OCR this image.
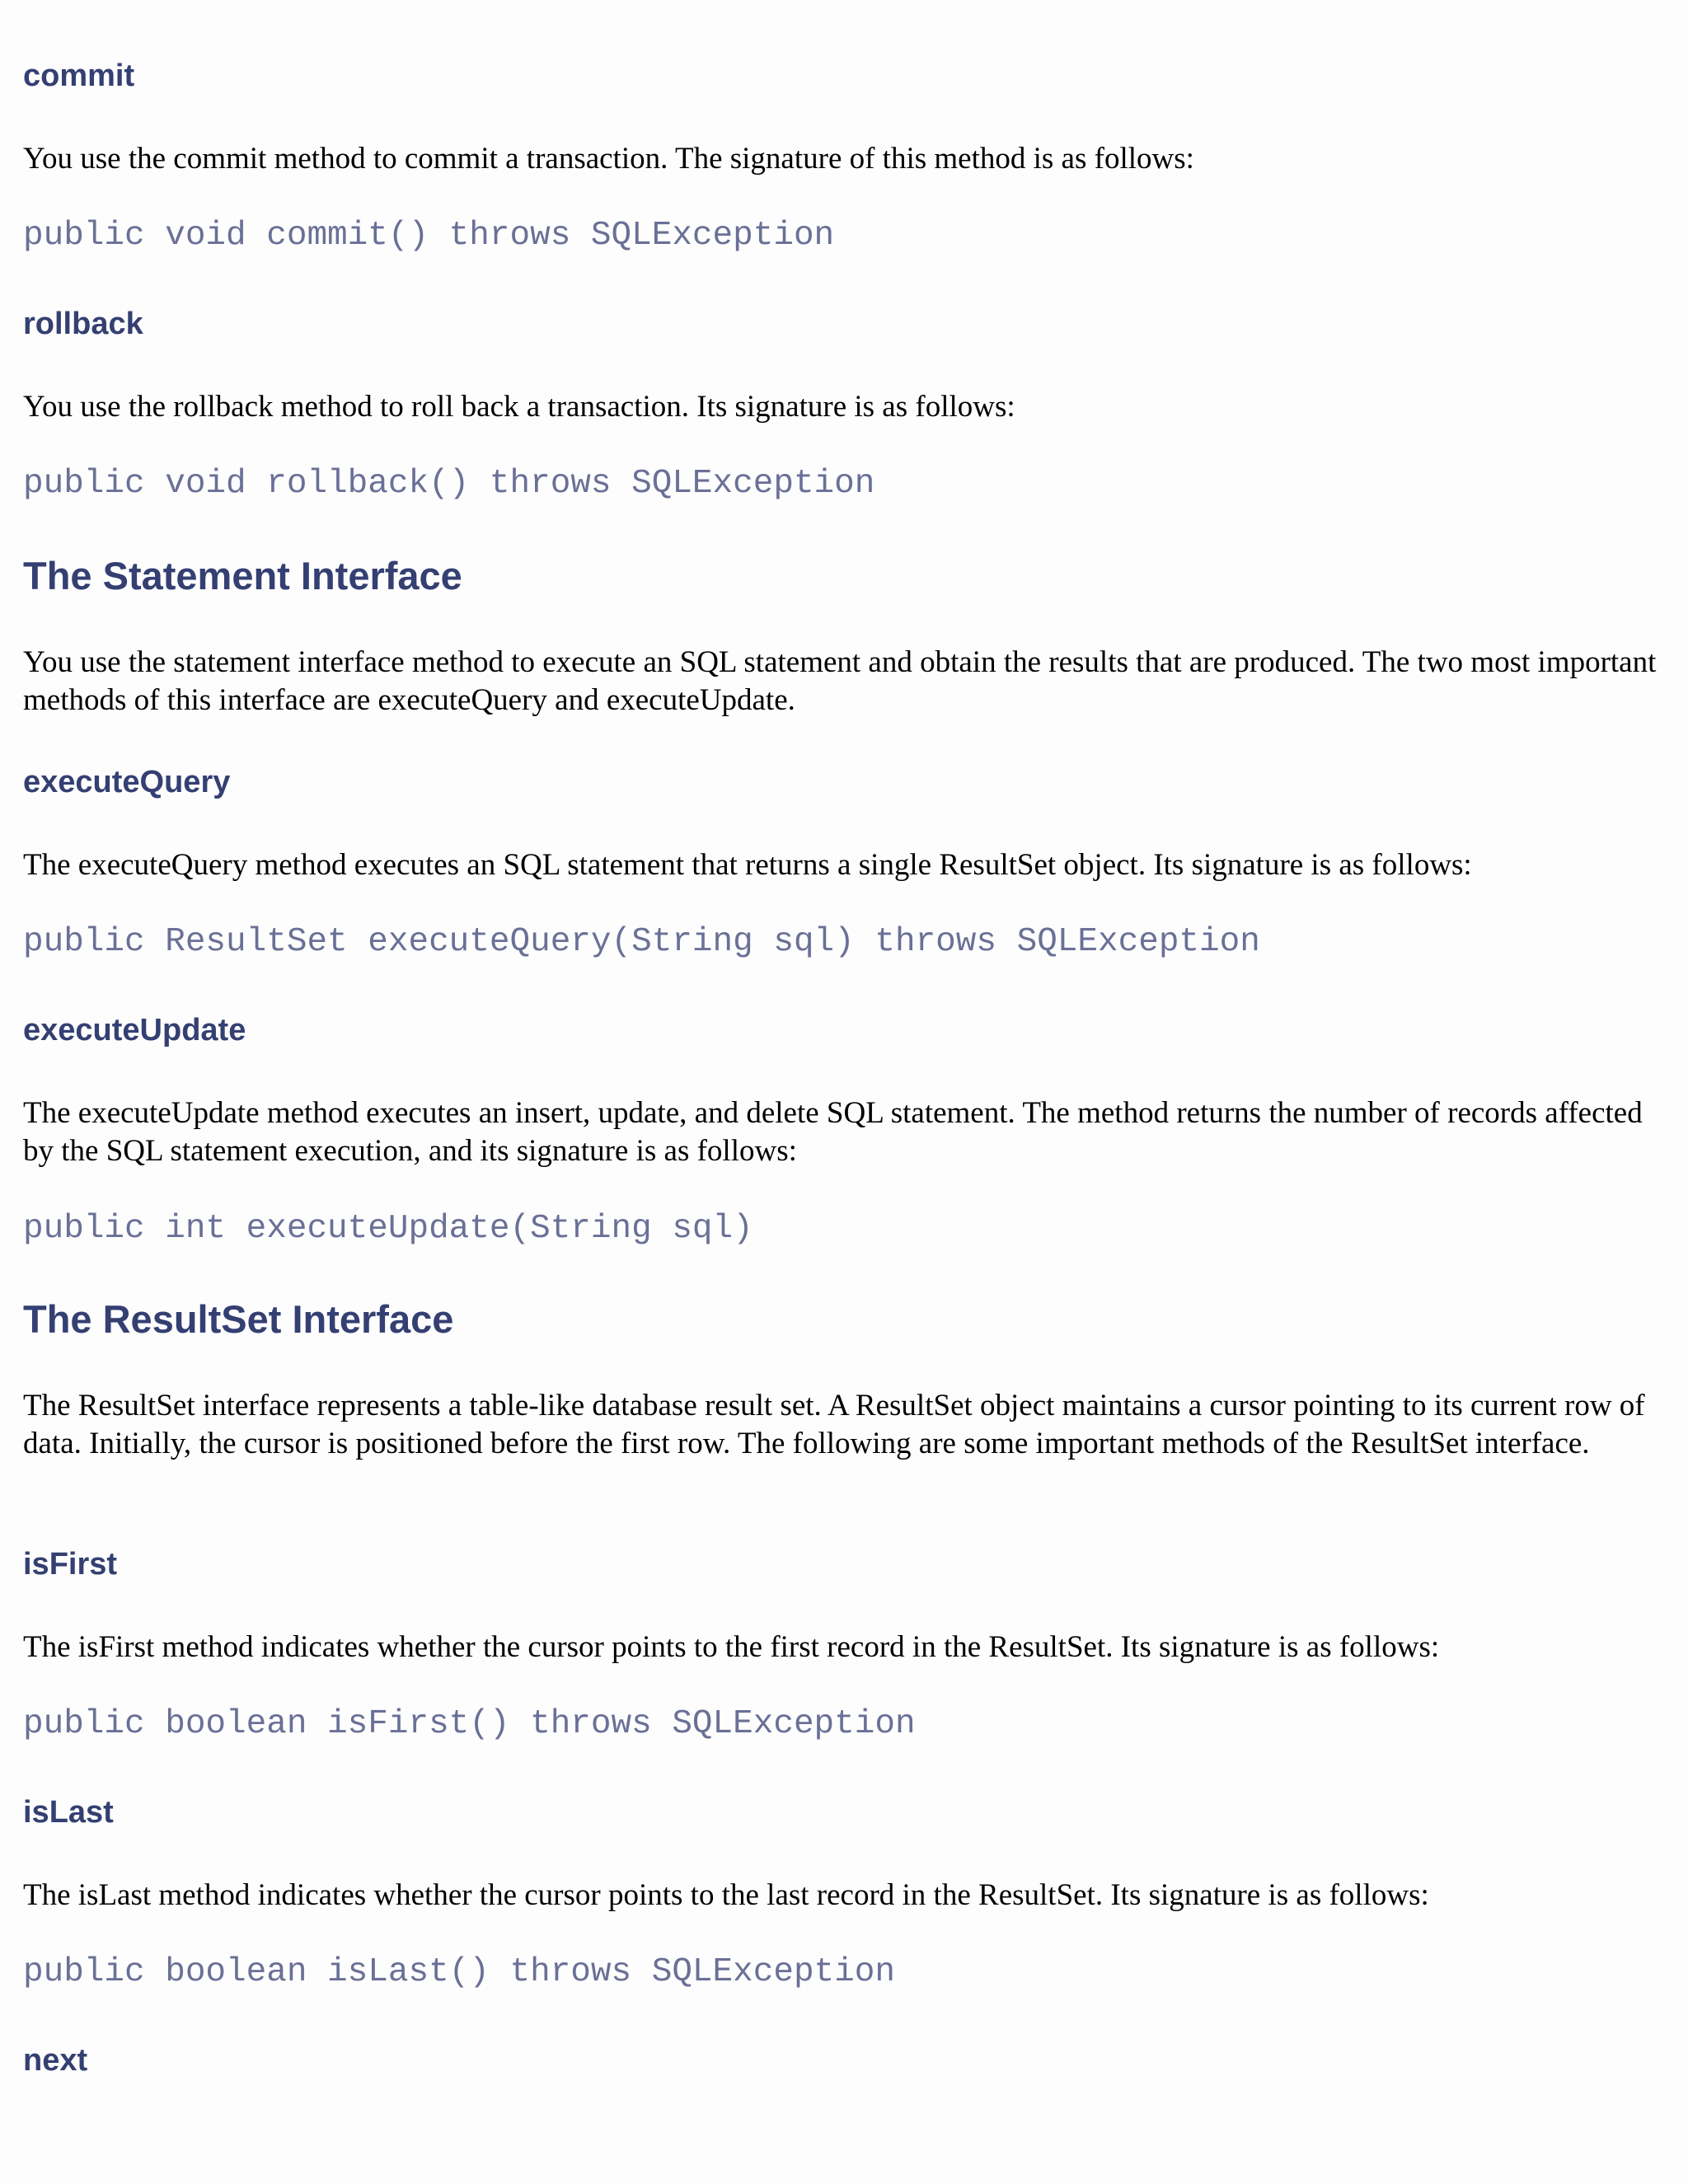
commit

You use the commit method to commit a transaction. The signature of this method is as follows:

public void commit() throws SQLException
rollback

You use the rollback method to roll back a transaction. Its signature is as follows:

public void rollback() throws SQLException
The Statement Interface

You use the statement interface method to execute an SQL statement and obtain the results that are produced. The two most important methods of this interface are executeQuery and executeUpdate.

executeQuery

The executeQuery method executes an SQL statement that returns a single ResultSet object. Its signature is as follows:

public ResultSet executeQuery(String sql) throws SQLException
executeUpdate

The executeUpdate method executes an insert, update, and delete SQL statement. The method returns the number of records affected by the SQL statement execution, and its signature is as follows:

public int executeUpdate(String sql)
The ResultSet Interface

The ResultSet interface represents a table-like database result set. A ResultSet object maintains a cursor pointing to its current row of data. Initially, the cursor is positioned before the first row. The following are some important methods of the ResultSet interface.

isFirst

The isFirst method indicates whether the cursor points to the first record in the ResultSet. Its signature is as follows:

public boolean isFirst() throws SQLException
isLast

The isLast method indicates whether the cursor points to the last record in the ResultSet. Its signature is as follows:

public boolean isLast() throws SQLException
next
